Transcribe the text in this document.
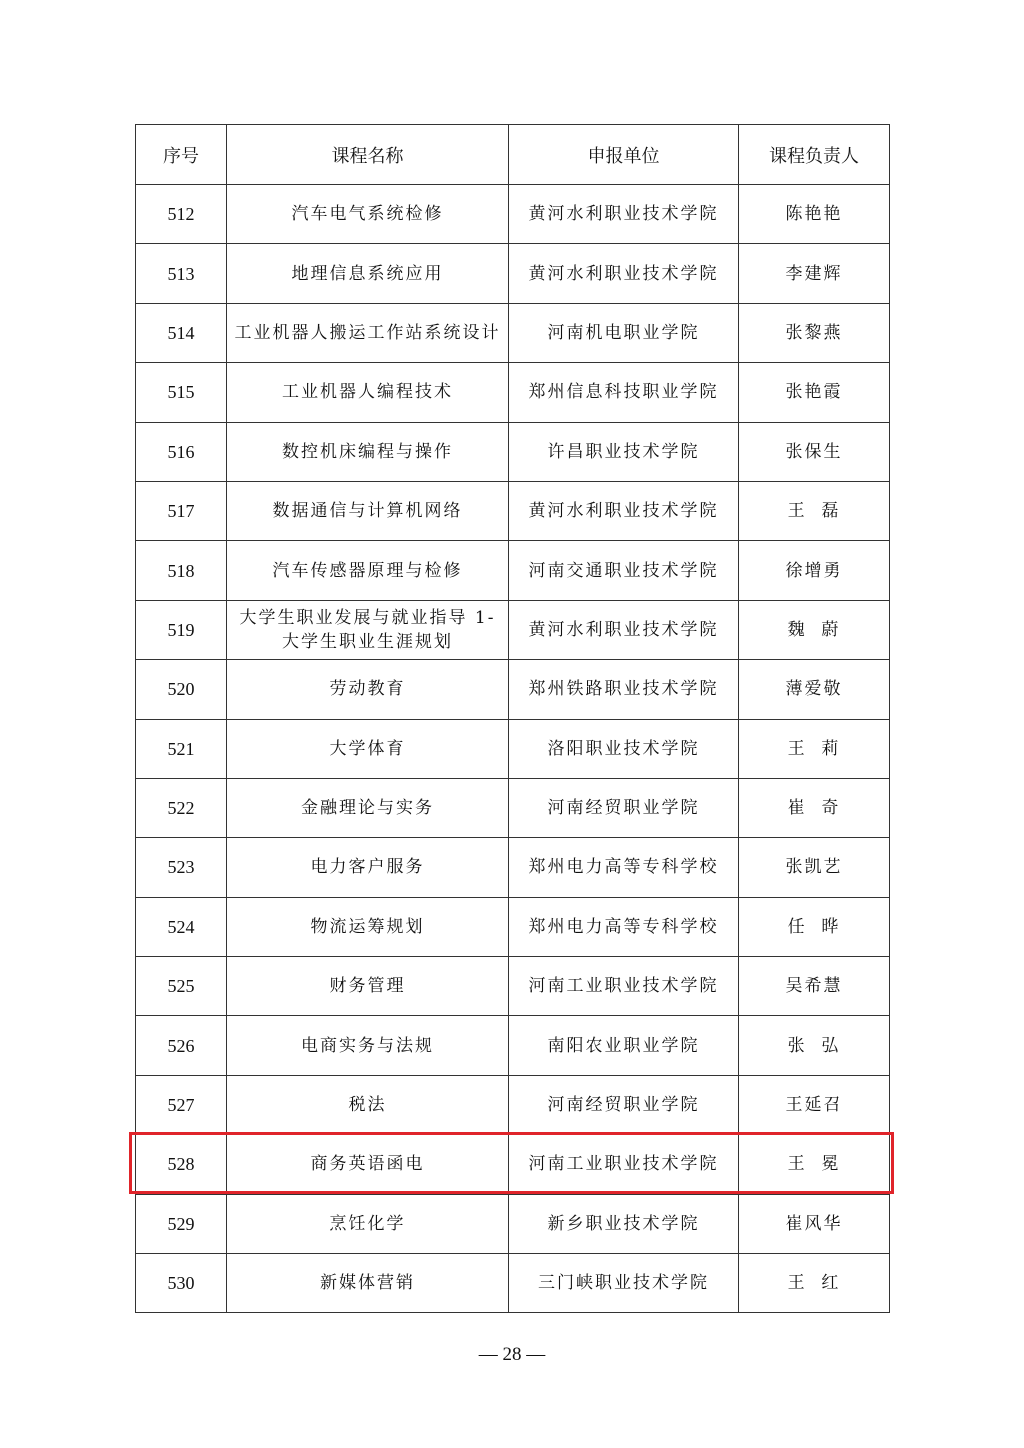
序号	课程名称	申报单位	课程负责人
512	汽车电气系统检修	黄河水利职业技术学院	陈艳艳
513	地理信息系统应用	黄河水利职业技术学院	李建辉
514	工业机器人搬运工作站系统设计	河南机电职业学院	张黎燕
515	工业机器人编程技术	郑州信息科技职业学院	张艳霞
516	数控机床编程与操作	许昌职业技术学院	张保生
517	数据通信与计算机网络	黄河水利职业技术学院	王  磊
518	汽车传感器原理与检修	河南交通职业技术学院	徐增勇
519	大学生职业发展与就业指导 1-大学生职业生涯规划	黄河水利职业技术学院	魏  蔚
520	劳动教育	郑州铁路职业技术学院	薄爱敬
521	大学体育	洛阳职业技术学院	王  莉
522	金融理论与实务	河南经贸职业学院	崔  奇
523	电力客户服务	郑州电力高等专科学校	张凯艺
524	物流运筹规划	郑州电力高等专科学校	任  晔
525	财务管理	河南工业职业技术学院	吴希慧
526	电商实务与法规	南阳农业职业学院	张  弘
527	税法	河南经贸职业学院	王延召
528	商务英语函电	河南工业职业技术学院	王  冕
529	烹饪化学	新乡职业技术学院	崔风华
530	新媒体营销	三门峡职业技术学院	王  红
— 28 —
